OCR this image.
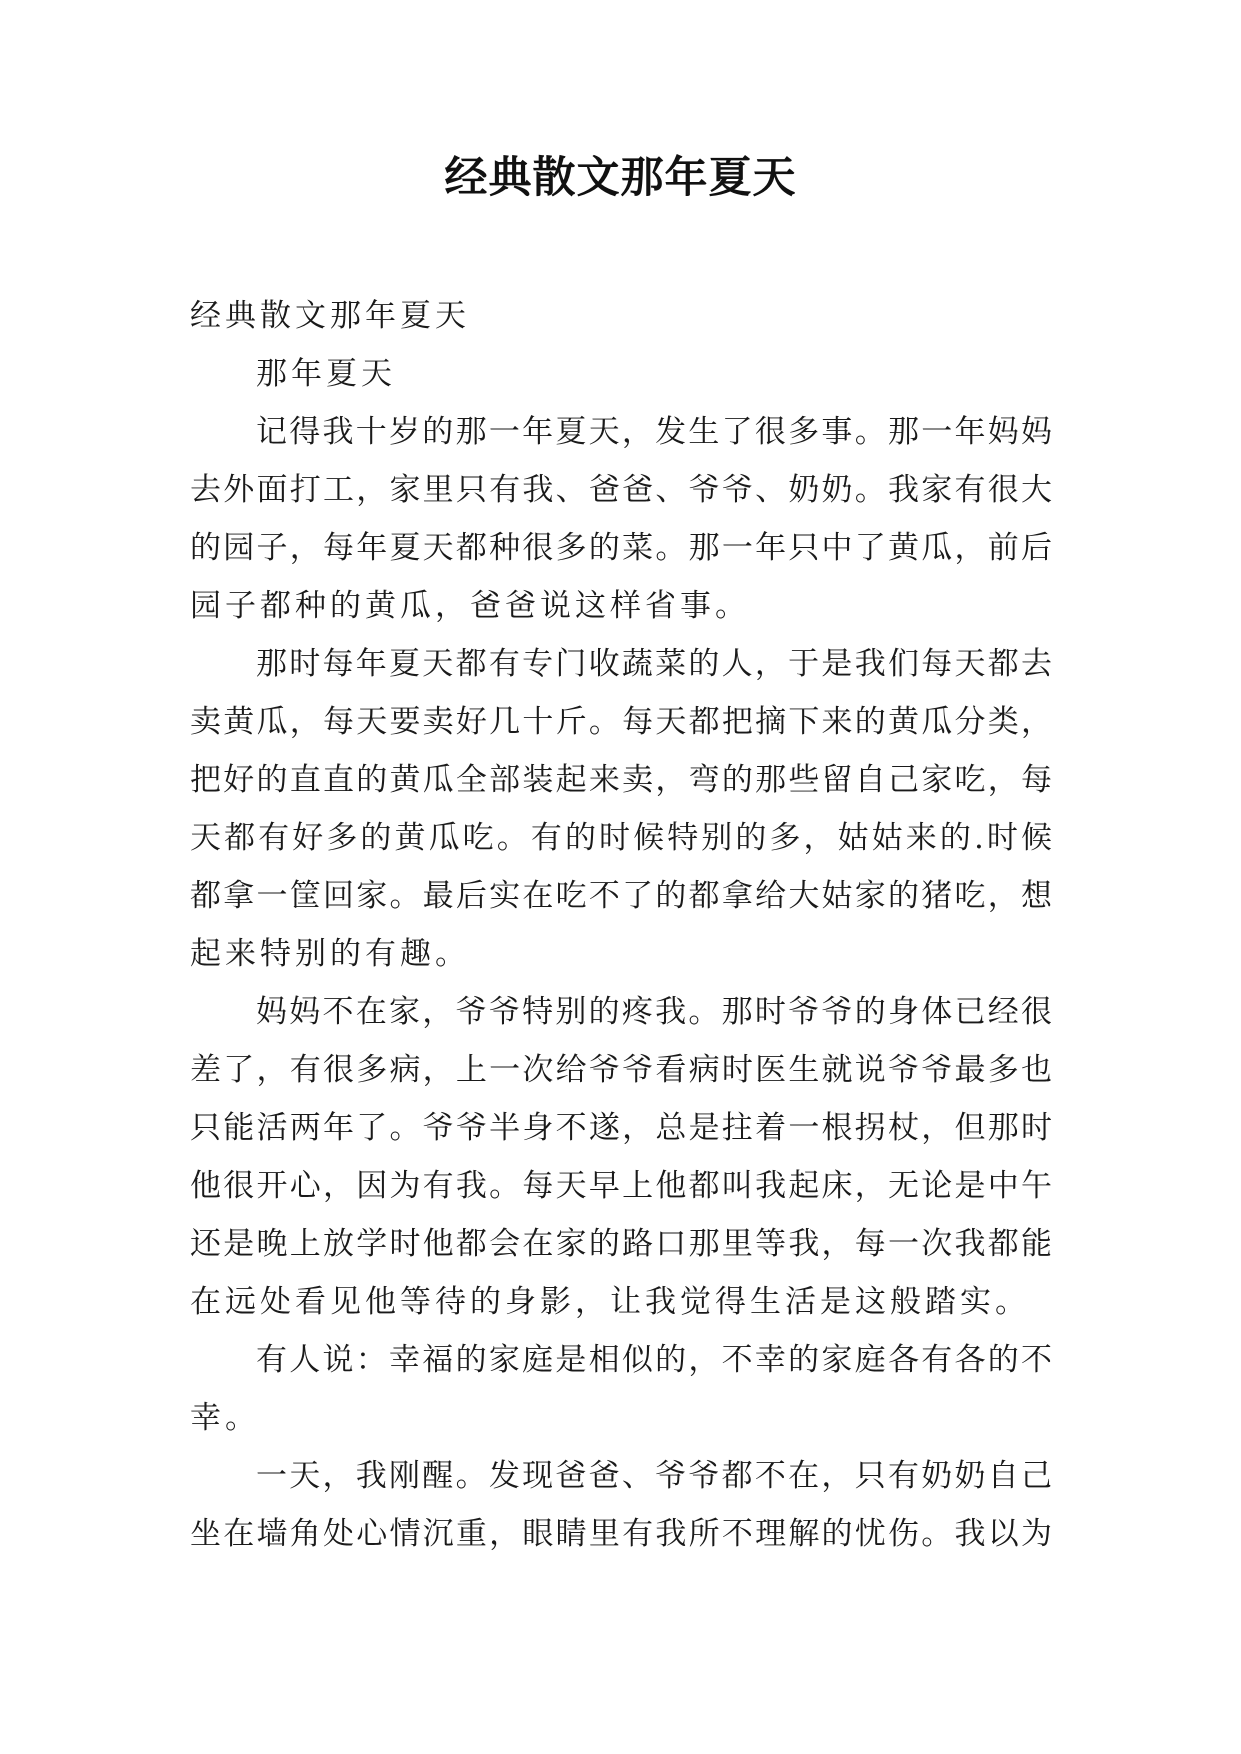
经典散文那年夏天
经典散文那年夏天
那年夏天
记得我十岁的那一年夏天，发生了很多事。那一年妈妈
去外面打工，家里只有我、爸爸、爷爷、奶奶。我家有很大
的园子，每年夏天都种很多的菜。那一年只中了黄瓜，前后
园子都种的黄瓜，爸爸说这样省事。
那时每年夏天都有专门收蔬菜的人，于是我们每天都去
卖黄瓜，每天要卖好几十斤。每天都把摘下来的黄瓜分类，
把好的直直的黄瓜全部装起来卖，弯的那些留自己家吃，每
天都有好多的黄瓜吃。有的时候特别的多，姑姑来的.时候
都拿一筐回家。最后实在吃不了的都拿给大姑家的猪吃，想
起来特别的有趣。
妈妈不在家，爷爷特别的疼我。那时爷爷的身体已经很
差了，有很多病，上一次给爷爷看病时医生就说爷爷最多也
只能活两年了。爷爷半身不遂，总是拄着一根拐杖，但那时
他很开心，因为有我。每天早上他都叫我起床，无论是中午
还是晚上放学时他都会在家的路口那里等我，每一次我都能
在远处看见他等待的身影，让我觉得生活是这般踏实。
有人说：幸福的家庭是相似的，不幸的家庭各有各的不
幸。
一天，我刚醒。发现爸爸、爷爷都不在，只有奶奶自己
坐在墙角处心情沉重，眼睛里有我所不理解的忧伤。我以为
